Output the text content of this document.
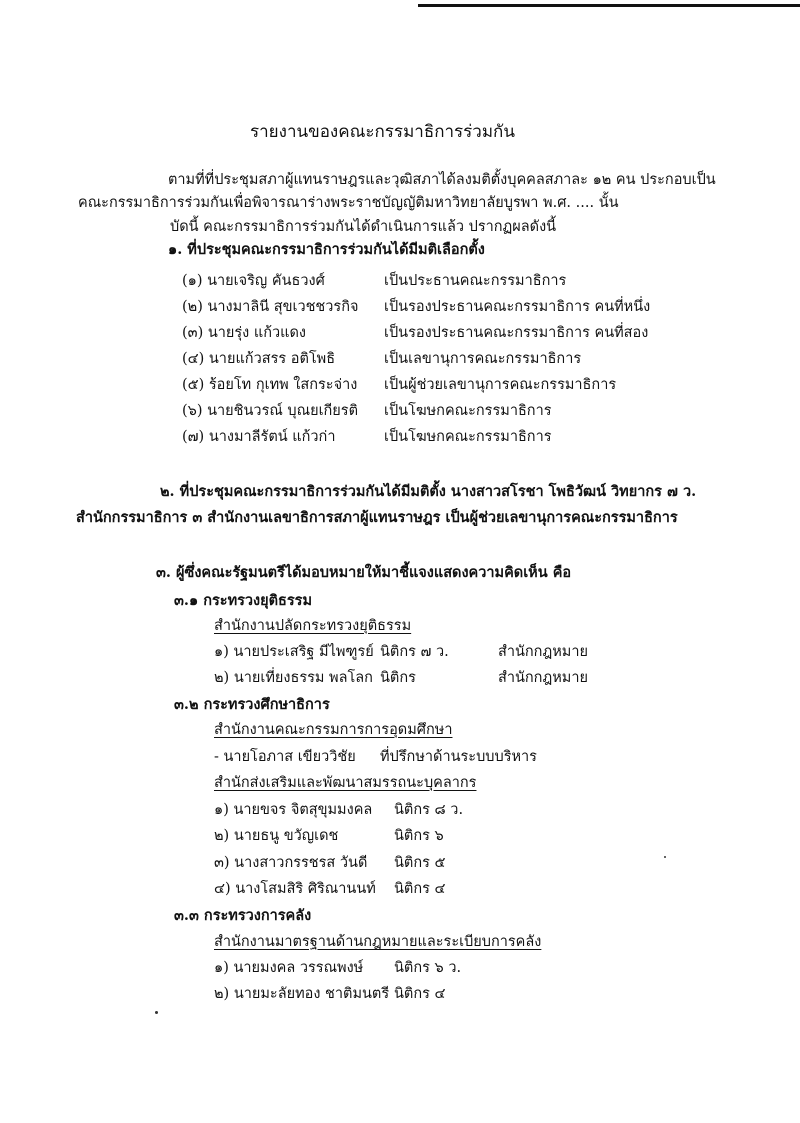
รายงานของคณะกรรมาธิการร่วมกัน
ตามที่ที่ประชุมสภาผู้แทนราษฎรและวุฒิสภาได้ลงมติตั้งบุคคลสภาละ ๑๒ คน ประกอบเป็น
คณะกรรมาธิการร่วมกันเพื่อพิจารณาร่างพระราชบัญญัติมหาวิทยาลัยบูรพา พ.ศ. .... นั้น
บัดนี้ คณะกรรมาธิการร่วมกันได้ดำเนินการแล้ว ปรากฏผลดังนี้
๑. ที่ประชุมคณะกรรมาธิการร่วมกันได้มีมติเลือกตั้ง
(๑) นายเจริญ คันธวงศ์	เป็นประธานคณะกรรมาธิการ
(๒) นางมาลินี สุขเวชชวรกิจ เป็นรองประธานคณะกรรมาธิการ คนที่หนึ่ง
(๓) นายรุ่ง แก้วแดง	เป็นรองประธานคณะกรรมาธิการ คนที่สอง
(๔) นายแก้วสรร อติโพธิ	เป็นเลขานุการคณะกรรมาธิการ
(๕) ร้อยโท กุเทพ ใสกระจ่าง เป็นผู้ช่วยเลขานุการคณะกรรมาธิการ
(๖) นายชินวรณ์ บุณยเกียรติ เป็นโฆษกคณะกรรมาธิการ
(๗) นางมาลีรัตน์ แก้วก่า	เป็นโฆษกคณะกรรมาธิการ
๒. ที่ประชุมคณะกรรมาธิการร่วมกันได้มีมติตั้ง นางสาวสโรชา โพธิวัฒน์ วิทยากร ๗ ว.
สำนักกรรมาธิการ ๓ สำนักงานเลขาธิการสภาผู้แทนราษฎร เป็นผู้ช่วยเลขานุการคณะกรรมาธิการ
๓. ผู้ซึ่งคณะรัฐมนตรีได้มอบหมายให้มาชี้แจงแสดงความคิดเห็น คือ
๓.๑ กระทรวงยุติธรรม
สำนักงานปลัดกระทรวงยุติธรรม
๑) นายประเสริฐ มีไพฑูรย์ นิติกร ๗ ว.	สำนักกฎหมาย
๒) นายเที่ยงธรรม พลโลก นิติกร	สำนักกฎหมาย
๓.๒ กระทรวงศึกษาธิการ
สำนักงานคณะกรรมการการอุดมศึกษา
- นายโอภาส เขียววิชัย ที่ปรึกษาด้านระบบบริหาร
สำนักส่งเสริมและพัฒนาสมรรถนะบุคลากร
๑) นายขจร จิตสุขุมมงคล นิติกร ๘ ว.
๒) นายธนู ขวัญเดช	นิติกร ๖
๓) นางสาวกรรชรส วันดี นิติกร ๕
๔) นางโสมสิริ ศิริณานนท์ นิติกร ๔
๓.๓ กระทรวงการคลัง
สำนักงานมาตรฐานด้านกฎหมายและระเบียบการคลัง
๑) นายมงคล วรรณพงษ์ นิติกร ๖ ว.
๒) นายมะลัยทอง ชาติมนตรี นิติกร ๔
